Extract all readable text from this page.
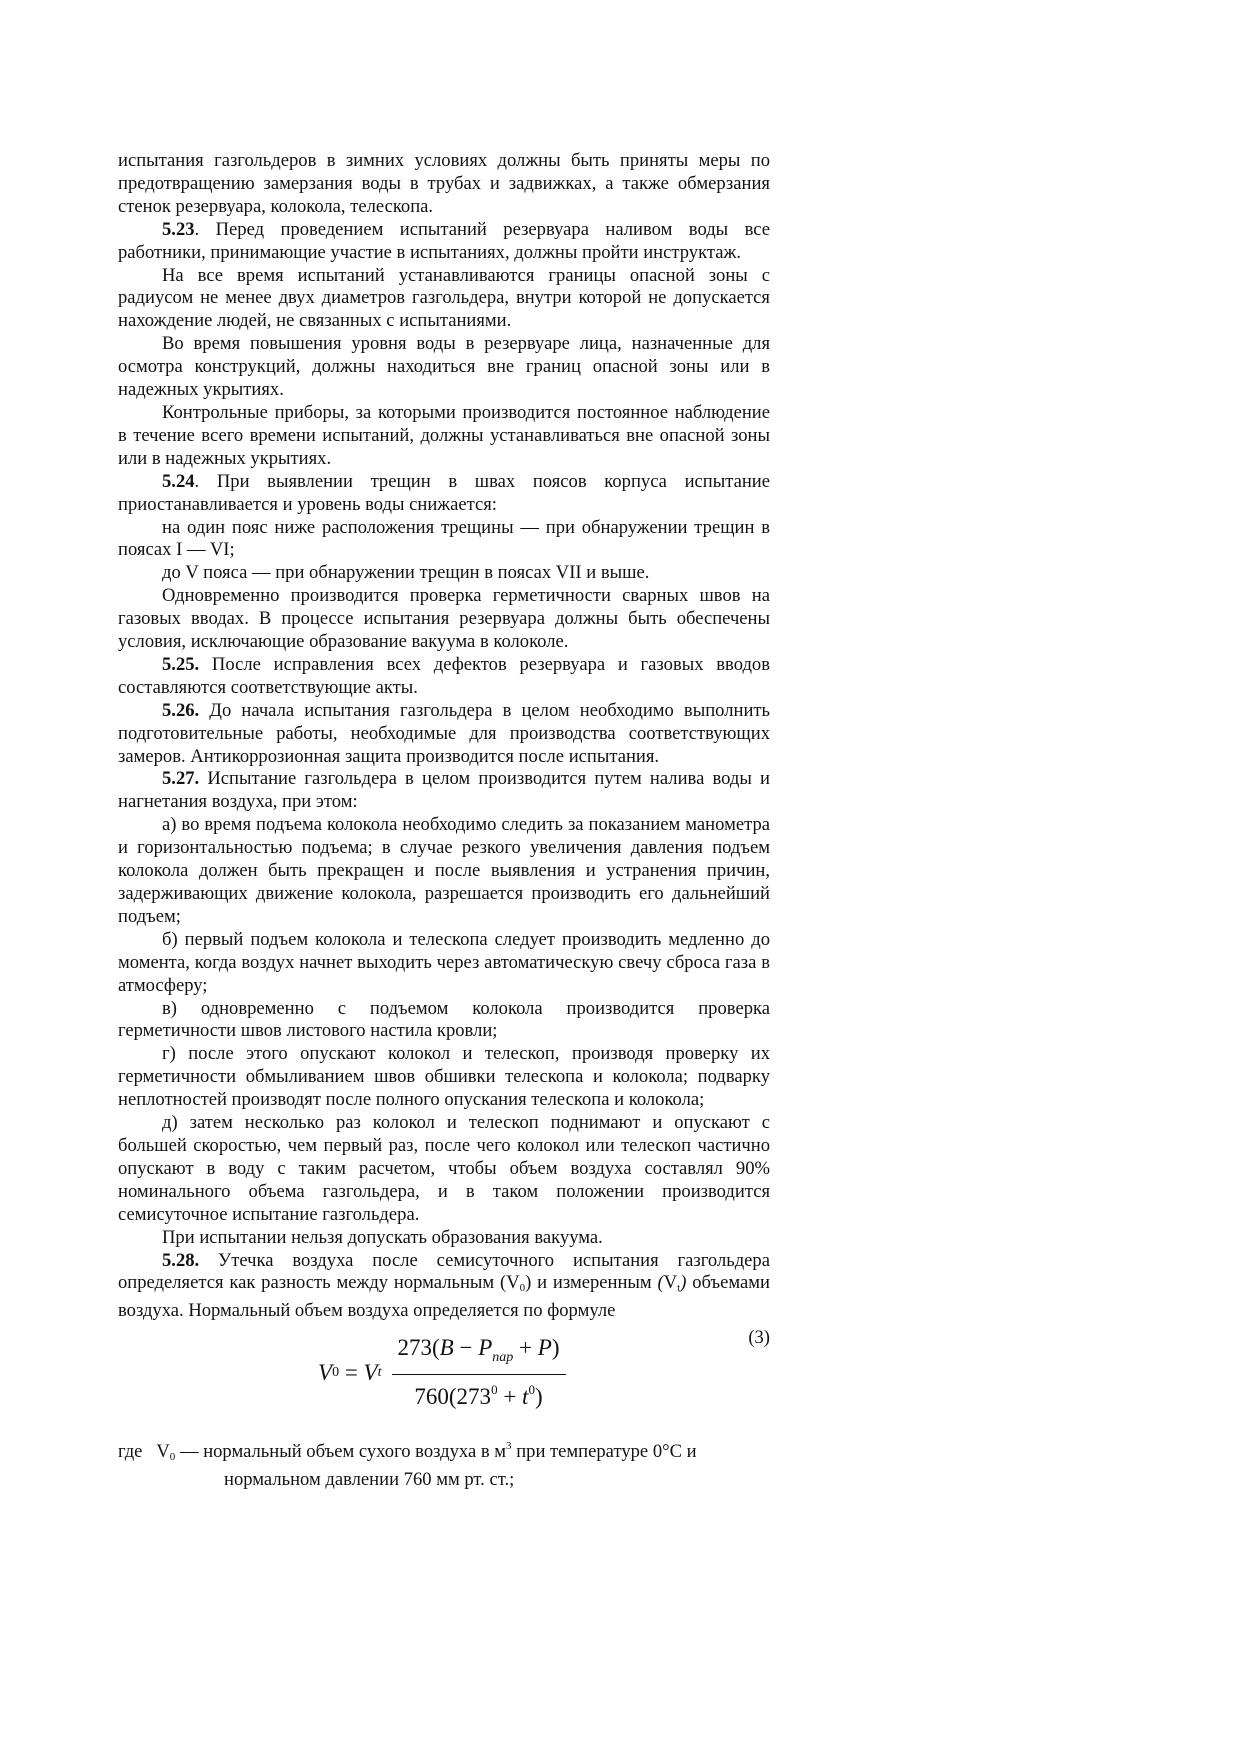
испытания газгольдеров в зимних условиях должны быть приняты меры по предотвращению замерзания воды в трубах и задвижках, а также обмерзания стенок резервуара, колокола, телескопа.

5.23. Перед проведением испытаний резервуара наливом воды все работники, принимающие участие в испытаниях, должны пройти инструктаж.

На все время испытаний устанавливаются границы опасной зоны с радиусом не менее двух диаметров газгольдера, внутри которой не допускается нахождение людей, не связанных с испытаниями.

Во время повышения уровня воды в резервуаре лица, назначенные для осмотра конструкций, должны находиться вне границ опасной зоны или в надежных укрытиях.

Контрольные приборы, за которыми производится постоянное наблюдение в течение всего времени испытаний, должны устанавливаться вне опасной зоны или в надежных укрытиях.

5.24. При выявлении трещин в швах поясов корпуса испытание приостанавливается и уровень воды снижается:

на один пояс ниже расположения трещины — при обнаружении трещин в поясах I — VI;

до V пояса — при обнаружении трещин в поясах VII и выше.

Одновременно производится проверка герметичности сварных швов на газовых вводах. В процессе испытания резервуара должны быть обеспечены условия, исключающие образование вакуума в колоколе.

5.25. После исправления всех дефектов резервуара и газовых вводов составляются соответствующие акты.

5.26. До начала испытания газгольдера в целом необходимо выполнить подготовительные работы, необходимые для производства соответствующих замеров. Антикоррозионная защита производится после испытания.

5.27. Испытание газгольдера в целом производится путем налива воды и нагнетания воздуха, при этом:

а) во время подъема колокола необходимо следить за показанием манометра и горизонтальностью подъема; в случае резкого увеличения давления подъем колокола должен быть прекращен и после выявления и устранения причин, задерживающих движение колокола, разрешается производить его дальнейший подъем;

б) первый подъем колокола и телескопа следует производить медленно до момента, когда воздух начнет выходить через автоматическую свечу сброса газа в атмосферу;

в) одновременно с подъемом колокола производится проверка герметичности швов листового настила кровли;

г) после этого опускают колокол и телескоп, производя проверку их герметичности обмыливанием швов обшивки телескопа и колокола; подварку неплотностей производят после полного опускания телескопа и колокола;

д) затем несколько раз колокол и телескоп поднимают и опускают с большей скоростью, чем первый раз, после чего колокол или телескоп частично опускают в воду с таким расчетом, чтобы объем воздуха составлял 90% номинального объема газгольдера, и в таком положении производится семисуточное испытание газгольдера.

При испытании нельзя допускать образования вакуума.

5.28. Утечка воздуха после семисуточного испытания газгольдера определяется как разность между нормальным (V0) и измеренным (Vt) объемами воздуха. Нормальный объем воздуха определяется по формуле

(3)
V 0 = V t $\frac{273(B - P_{пар} + P)}{760(273^0 + t^0)}$

где   V0 — нормальный объем сухого воздуха в $м^3$ при температуре 0°С и

нормальном давлении 760 мм рт. ст.;
